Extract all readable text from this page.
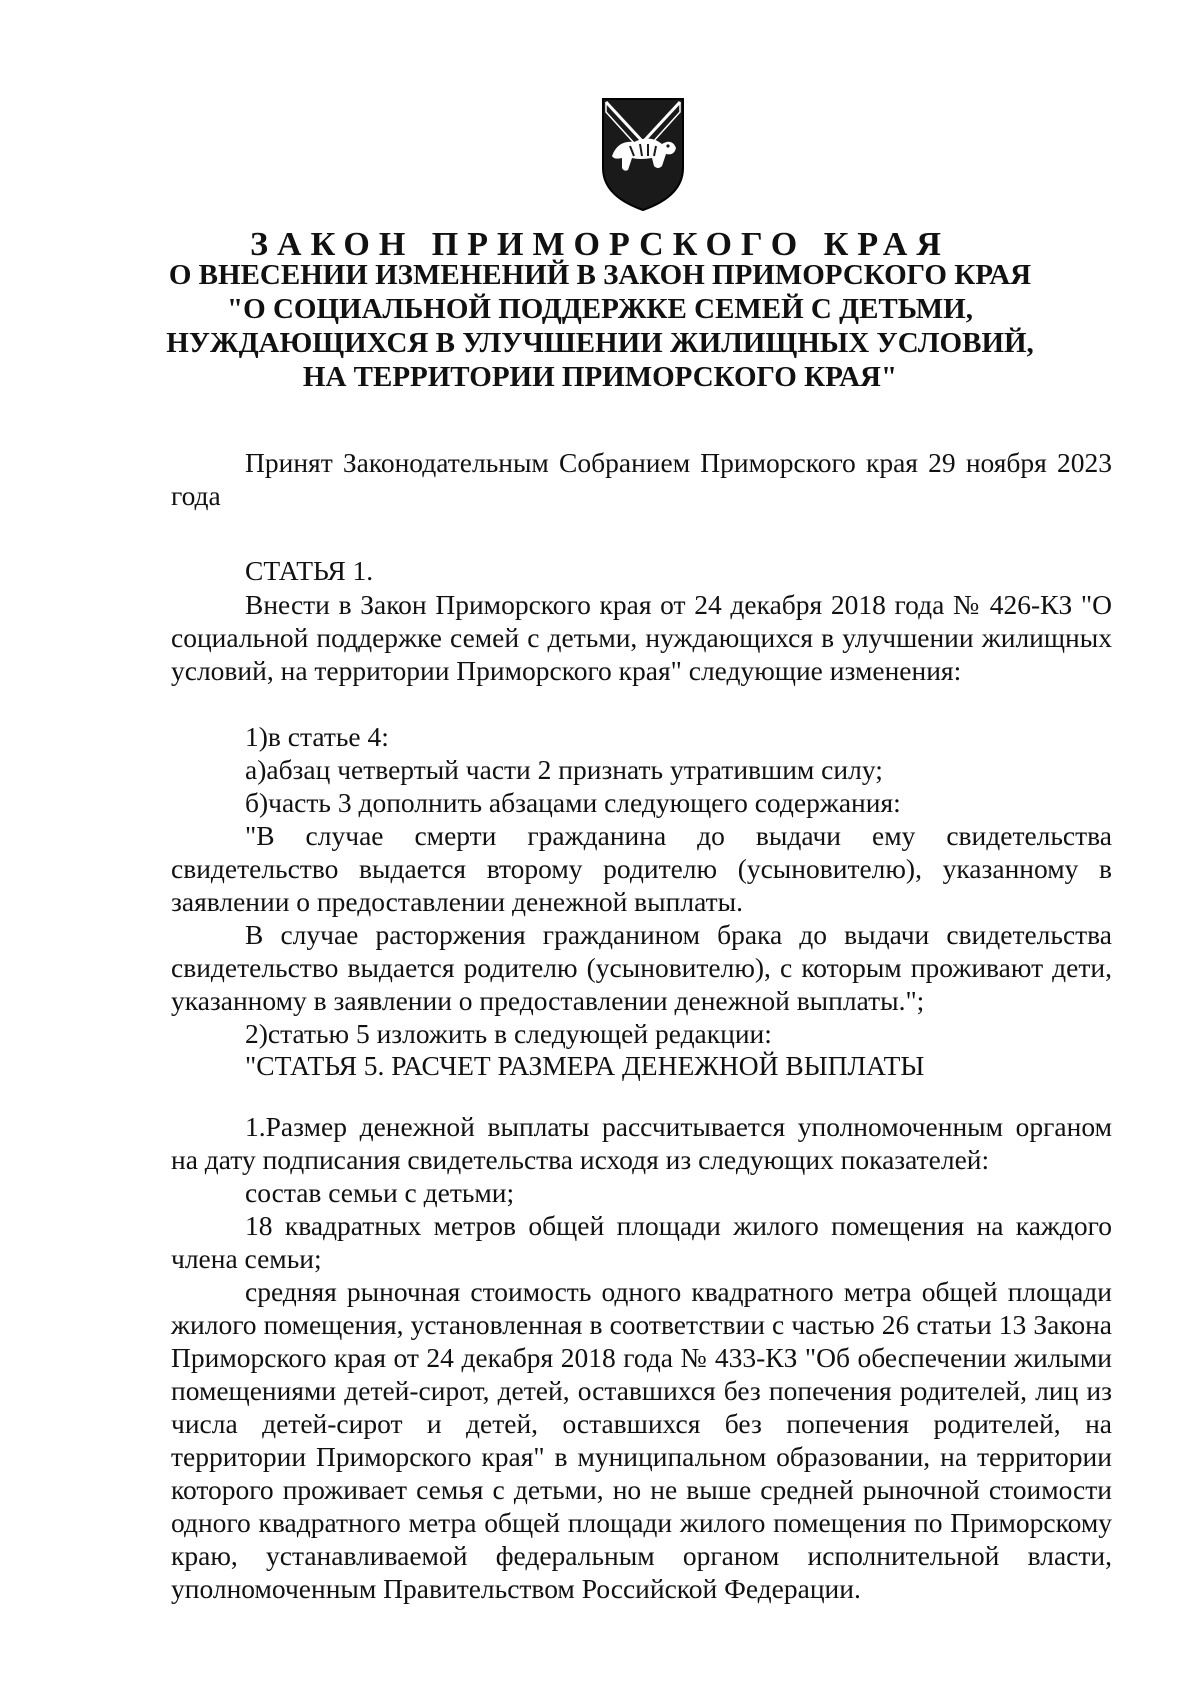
ЗАКОН ПРИМОРСКОГО КРАЯ

О ВНЕСЕНИИ ИЗМЕНЕНИЙ В ЗАКОН ПРИМОРСКОГО КРАЯ

"О СОЦИАЛЬНОЙ ПОДДЕРЖКЕ СЕМЕЙ С ДЕТЬМИ,

НУЖДАЮЩИХСЯ В УЛУЧШЕНИИ ЖИЛИЩНЫХ УСЛОВИЙ,

НА ТЕРРИТОРИИ ПРИМОРСКОГО КРАЯ"

Принят Законодательным Собранием Приморского края 29 ноября 2023 года

СТАТЬЯ 1.

Внести в Закон Приморского края от 24 декабря 2018 года № 426-КЗ "О социальной поддержке семей с детьми, нуждающихся в улучшении жилищных условий, на территории Приморского края" следующие изменения:

1)в статье 4:

а)абзац четвертый части 2 признать утратившим силу;

б)часть 3 дополнить абзацами следующего содержания:

"В случае смерти гражданина до выдачи ему свидетельства свидетельство выдается второму родителю (усыновителю), указанному в заявлении о предоставлении денежной выплаты.

В случае расторжения гражданином брака до выдачи свидетельства свидетельство выдается родителю (усыновителю), с которым проживают дети, указанному в заявлении о предоставлении денежной выплаты.";

2)статью 5 изложить в следующей редакции:

"СТАТЬЯ 5. РАСЧЕТ РАЗМЕРА ДЕНЕЖНОЙ ВЫПЛАТЫ

1.Размер денежной выплаты рассчитывается уполномоченным органом на дату подписания свидетельства исходя из следующих показателей:

состав семьи с детьми;

18 квадратных метров общей площади жилого помещения на каждого члена семьи;

средняя рыночная стоимость одного квадратного метра общей площади жилого помещения, установленная в соответствии с частью 26 статьи 13 Закона Приморского края от 24 декабря 2018 года № 433-КЗ "Об обеспечении жилыми помещениями детей-сирот, детей, оставшихся без попечения родителей, лиц из числа детей-сирот и детей, оставшихся без попечения родителей, на территории Приморского края" в муниципальном образовании, на территории которого проживает семья с детьми, но не выше средней рыночной стоимости одного квадратного метра общей площади жилого помещения по Приморскому краю, устанавливаемой федеральным органом исполнительной власти, уполномоченным Правительством Российской Федерации.
